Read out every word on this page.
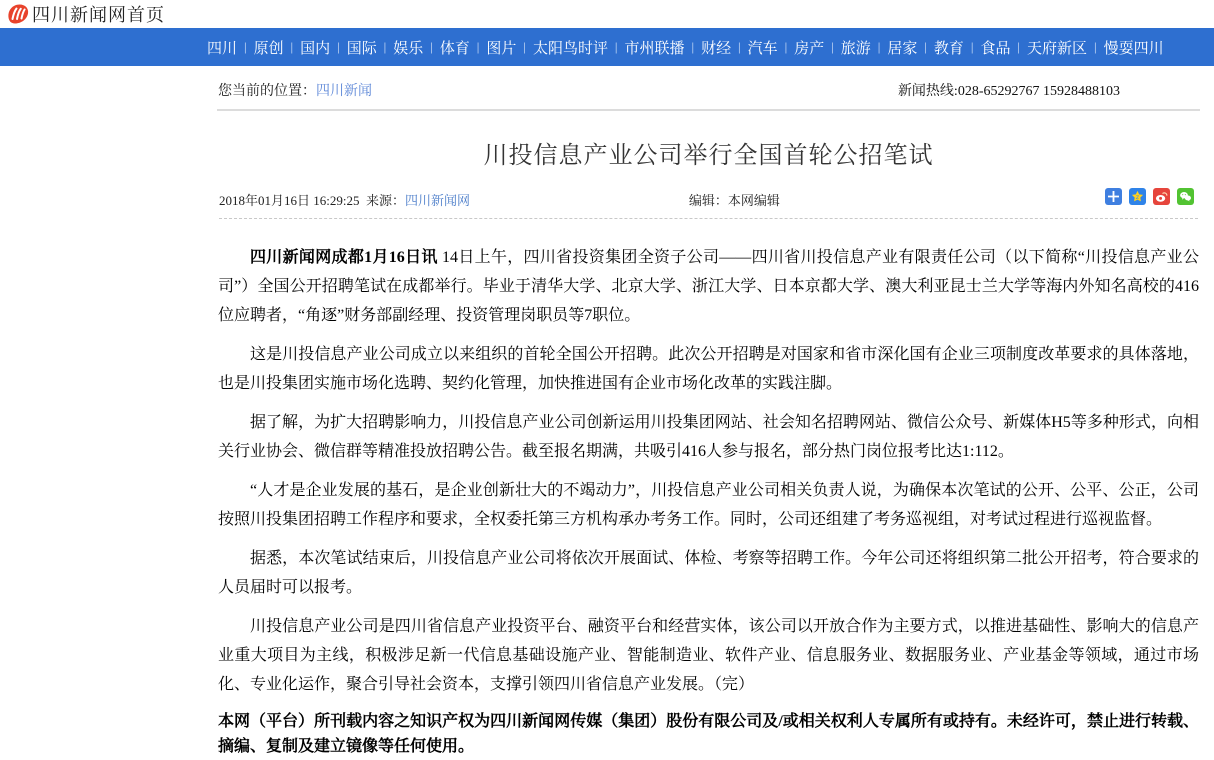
四川新闻网首页
四川 | 原创 | 国内 | 国际 | 娱乐 | 体育 | 图片 | 太阳鸟时评 | 市州联播 | 财经 | 汽车 | 房产 | 旅游 | 居家 | 教育 | 食品 | 天府新区 | 慢耍四川
您当前的位置：四川新闻	新闻热线:028-65292767 15928488103
川投信息产业公司举行全国首轮公招笔试
2018年01月16日 16:29:25 来源：四川新闻网	编辑：本网编辑	Z

四川新闻网成都1月16日讯 14日上午，四川省投资集团全资子公司——四川省川投信息产业有限责任公司（以下简称“川投信息产业公司”）全国公开招聘笔试在成都举行。毕业于清华大学、北京大学、浙江大学、日本京都大学、澳大利亚昆士兰大学等海内外知名高校的416位应聘者，“角逐”财务部副经理、投资管理岗职员等7职位。

这是川投信息产业公司成立以来组织的首轮全国公开招聘。此次公开招聘是对国家和省市深化国有企业三项制度改革要求的具体落地，也是川投集团实施市场化选聘、契约化管理，加快推进国有企业市场化改革的实践注脚。

据了解，为扩大招聘影响力，川投信息产业公司创新运用川投集团网站、社会知名招聘网站、微信公众号、新媒体H5等多种形式，向相关行业协会、微信群等精准投放招聘公告。截至报名期满，共吸引416人参与报名，部分热门岗位报考比达1:112。

“人才是企业发展的基石，是企业创新壮大的不竭动力”，川投信息产业公司相关负责人说，为确保本次笔试的公开、公平、公正，公司按照川投集团招聘工作程序和要求，全权委托第三方机构承办考务工作。同时，公司还组建了考务巡视组，对考试过程进行巡视监督。

据悉，本次笔试结束后，川投信息产业公司将依次开展面试、体检、考察等招聘工作。今年公司还将组织第二批公开招考，符合要求的人员届时可以报考。

川投信息产业公司是四川省信息产业投资平台、融资平台和经营实体，该公司以开放合作为主要方式，以推进基础性、影响大的信息产业重大项目为主线，积极涉足新一代信息基础设施产业、智能制造业、软件产业、信息服务业、数据服务业、产业基金等领域，通过市场化、专业化运作，聚合引导社会资本，支撑引领四川省信息产业发展。（完）

本网（平台）所刊载内容之知识产权为四川新闻网传媒（集团）股份有限公司及/或相关权利人专属所有或持有。未经许可，禁止进行转载、摘编、复制及建立镜像等任何使用。
